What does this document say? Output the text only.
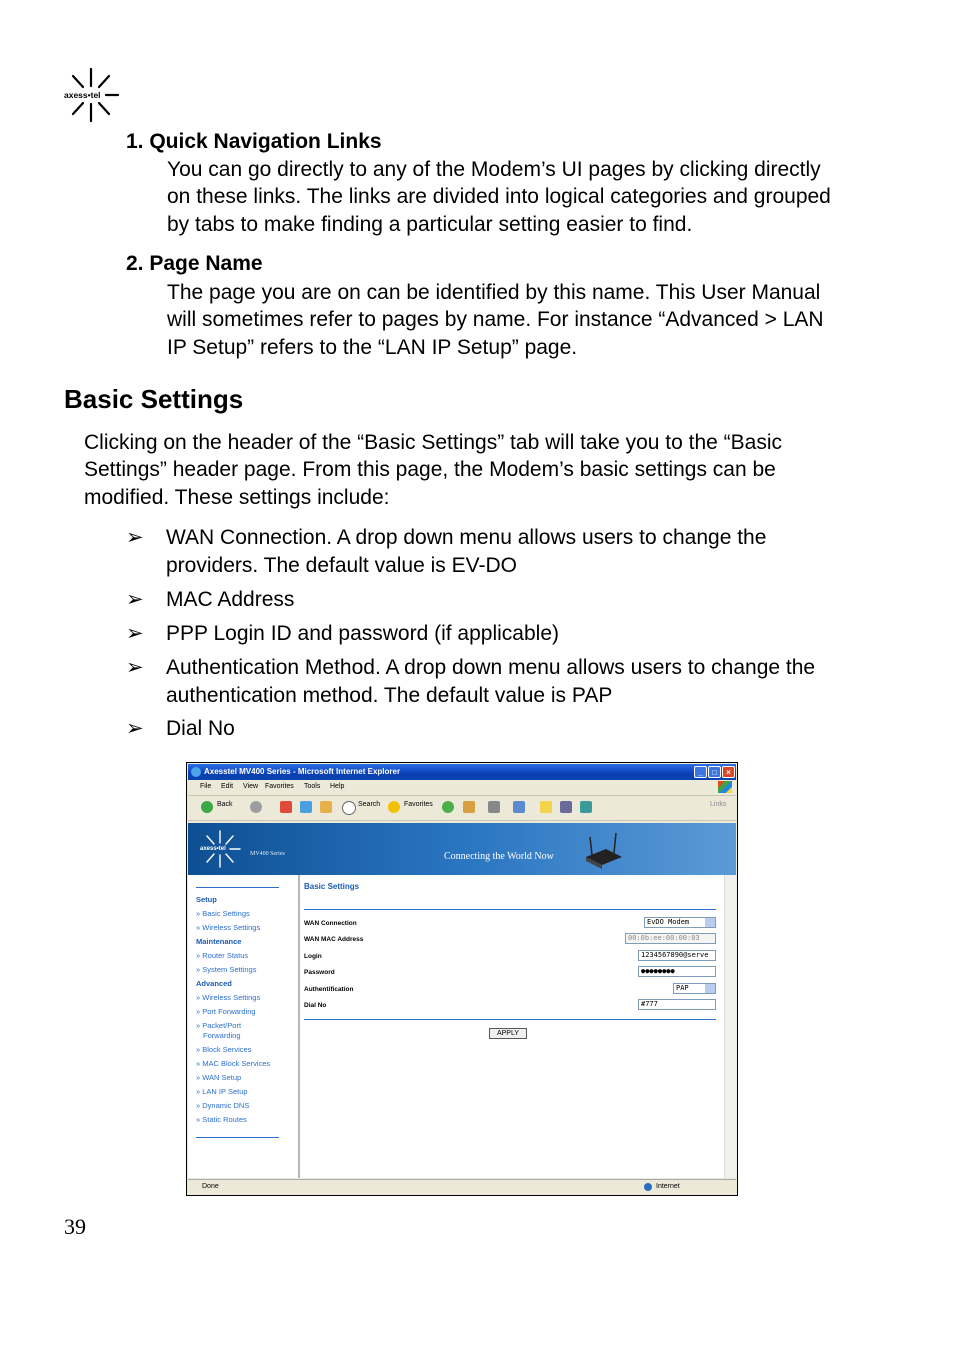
axess•tel
1. Quick Navigation Links
You can go directly to any of the Modem’s UI pages by clicking directly
on these links. The links are divided into logical categories and grouped
by tabs to make finding a particular setting easier to find.
2. Page Name
The page you are on can be identified by this name. This User Manual
will sometimes refer to pages by name. For instance “Advanced > LAN
IP Setup” refers to the “LAN IP Setup” page.
Basic Settings
Clicking on the header of the “Basic Settings” tab will take you to the “Basic
Settings” header page. From this page, the Modem’s basic settings can be
modified. These settings include:
➢ WAN Connection. A drop down menu allows users to change the
providers. The default value is EV-DO
➢ MAC Address
➢ PPP Login ID and password (if applicable)
➢ Authentication Method. A drop down menu allows users to change the
authentication method. The default value is PAP
➢ Dial No
Axesstel MV400 Series - Microsoft Internet Explorer	_	□	×
File Edit View Favorites Tools Help
Back	Search	Favorites	Links
axess•tel
MV400 Series	Connecting the World Now
Setup
» Basic Settings
» Wireless Settings
Maintenance
» Router Status
» System Settings
Advanced
» Wireless Settings
» Port Forwarding
» Packet/Port
Forwarding
» Block Services
» MAC Block Services
» WAN Setup
» LAN IP Setup
» Dynamic DNS
» Static Routes
Basic Settings
WAN Connection	EvDO Modem
WAN MAC Address	00:0b:ee:00:00:03
Login	1234567890@serve
Password	●●●●●●●●
Authentification	PAP
Dial No	#777
APPLY
Done	Internet
39
